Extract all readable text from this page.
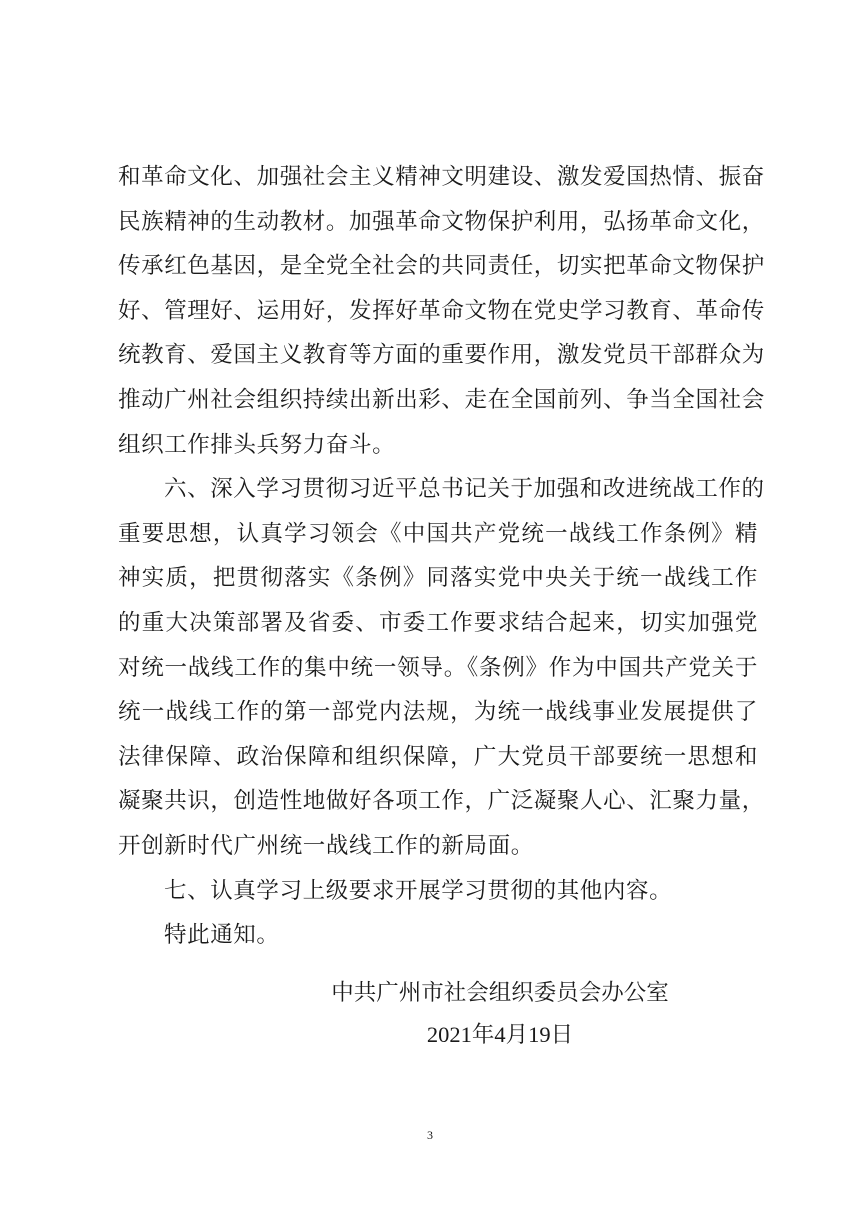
和革命文化、加强社会主义精神文明建设、激发爱国热情、振奋
民族精神的生动教材。加强革命文物保护利用，弘扬革命文化，
传承红色基因，是全党全社会的共同责任，切实把革命文物保护
好、管理好、运用好，发挥好革命文物在党史学习教育、革命传
统教育、爱国主义教育等方面的重要作用，激发党员干部群众为
推动广州社会组织持续出新出彩、走在全国前列、争当全国社会
组织工作排头兵努力奋斗。
六、深入学习贯彻习近平总书记关于加强和改进统战工作的
重要思想，认真学习领会《中国共产党统一战线工作条例》精
神实质，把贯彻落实《条例》同落实党中央关于统一战线工作
的重大决策部署及省委、市委工作要求结合起来，切实加强党
对统一战线工作的集中统一领导。《条例》作为中国共产党关于
统一战线工作的第一部党内法规，为统一战线事业发展提供了
法律保障、政治保障和组织保障，广大党员干部要统一思想和
凝聚共识，创造性地做好各项工作，广泛凝聚人心、汇聚力量，
开创新时代广州统一战线工作的新局面。
七、认真学习上级要求开展学习贯彻的其他内容。
特此通知。
中共广州市社会组织委员会办公室
2021年4月19日
3
